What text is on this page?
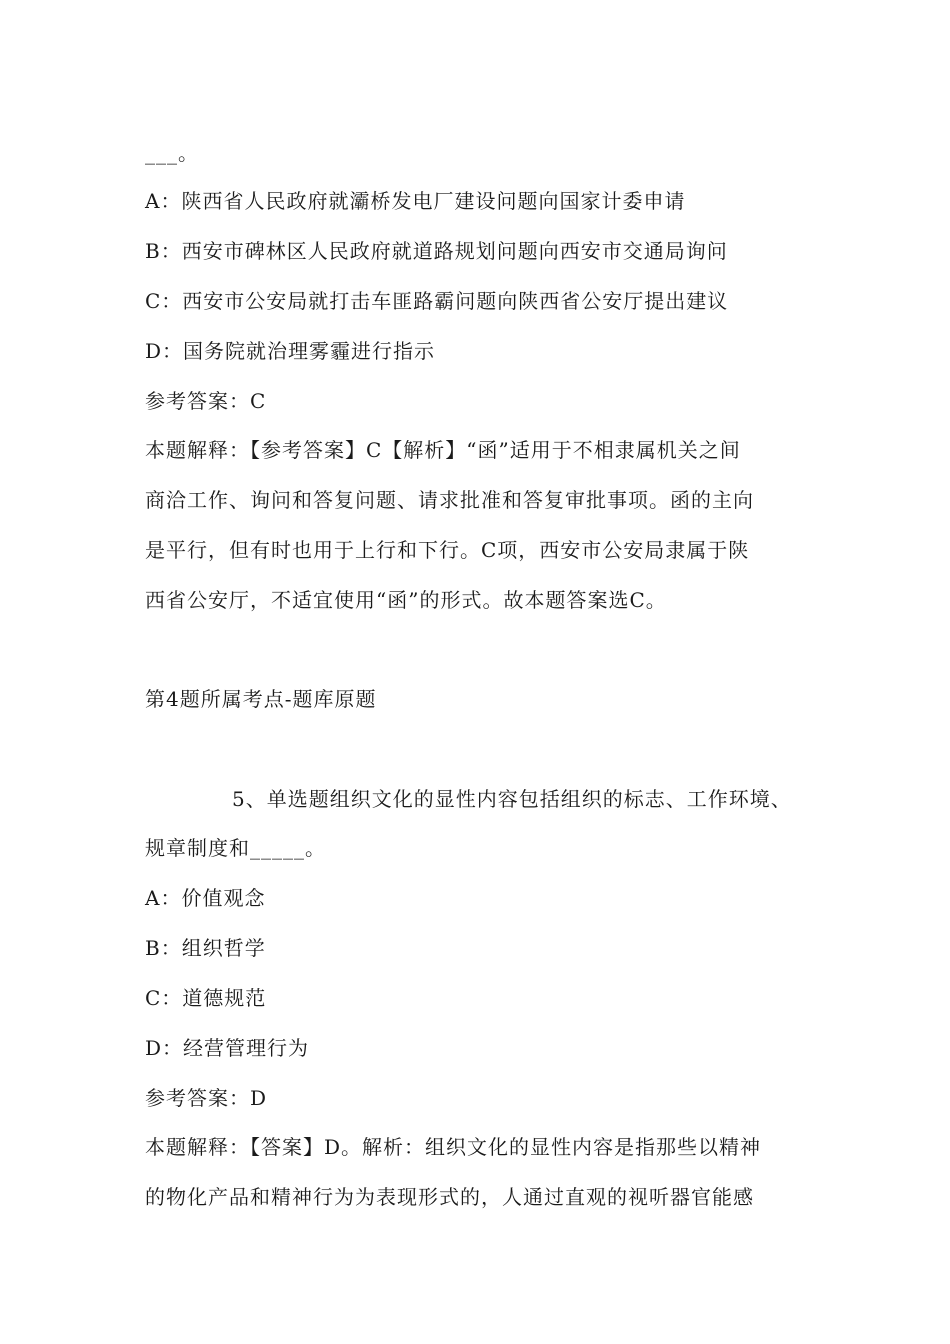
___。
A：陕西省人民政府就灞桥发电厂建设问题向国家计委申请
B：西安市碑林区人民政府就道路规划问题向西安市交通局询问
C：西安市公安局就打击车匪路霸问题向陕西省公安厅提出建议
D：国务院就治理雾霾进行指示
参考答案：C
本题解释：【参考答案】C【解析】“函”适用于不相隶属机关之间
商洽工作、询问和答复问题、请求批准和答复审批事项。函的主向
是平行，但有时也用于上行和下行。C项，西安市公安局隶属于陕
西省公安厅，不适宜使用“函”的形式。故本题答案选C。
第4题所属考点-题库原题
5、单选题组织文化的显性内容包括组织的标志、工作环境、
规章制度和_____。
A：价值观念
B：组织哲学
C：道德规范
D：经营管理行为
参考答案：D
本题解释：【答案】D。解析：组织文化的显性内容是指那些以精神
的物化产品和精神行为为表现形式的，人通过直观的视听器官能感
